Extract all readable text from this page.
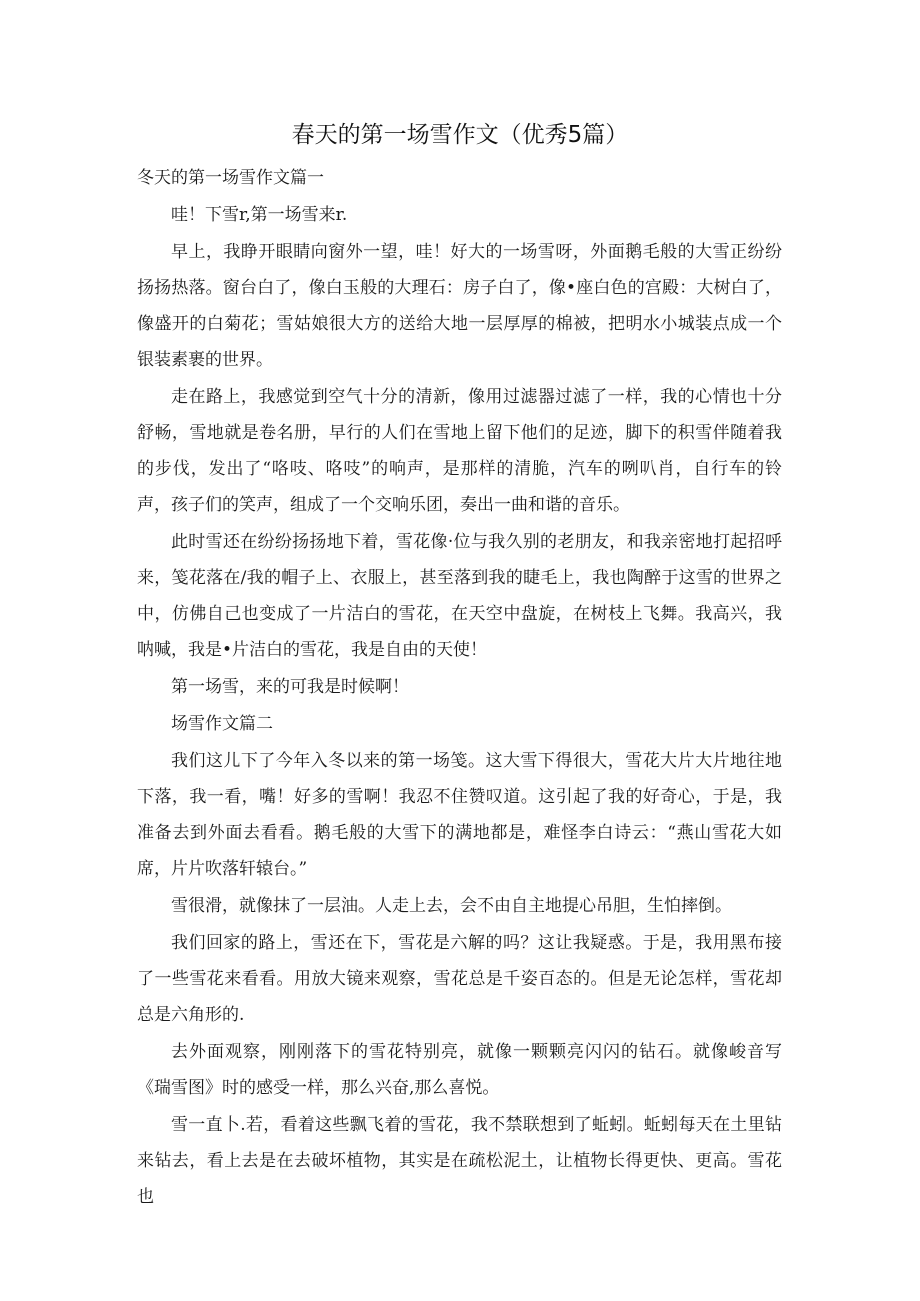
春天的第一场雪作文（优秀5篇）

冬天的第一场雪作文篇一

哇！下雪r,第一场雪来r.

早上，我睁开眼睛向窗外一望，哇！好大的一场雪呀，外面鹅毛般的大雪正纷纷扬扬热落。窗台白了，像白玉般的大理石：房子白了，像•座白色的宫殿：大树白了，像盛开的白菊花；雪姑娘很大方的送给大地一层厚厚的棉被，把明水小城装点成一个银装素裹的世界。

走在路上，我感觉到空气十分的清新，像用过滤器过滤了一样，我的心情也十分舒畅，雪地就是卷名册，早行的人们在雪地上留下他们的足迹，脚下的积雪伴随着我的步伐，发出了“咯吱、咯吱”的响声，是那样的清脆，汽车的咧叭肖，自行车的铃声，孩子们的笑声，组成了一个交响乐团，奏出一曲和谐的音乐。

此时雪还在纷纷扬扬地下着，雪花像·位与我久别的老朋友，和我亲密地打起招呼来，笺花落在/我的帽子上、衣服上，甚至落到我的睫毛上，我也陶醉于这雪的世界之中，仿佛自己也变成了一片洁白的雪花，在天空中盘旋，在树枝上飞舞。我高兴，我呐喊，我是•片洁白的雪花，我是自由的天使！

第一场雪，来的可我是时候啊！

场雪作文篇二

我们这儿下了今年入冬以来的第一场笺。这大雪下得很大，雪花大片大片地往地下落，我一看，嘴！好多的雪啊！我忍不住赞叹道。这引起了我的好奇心，于是，我准备去到外面去看看。鹅毛般的大雪下的满地都是，难怪李白诗云：“燕山雪花大如席，片片吹落轩辕台。”

雪很滑，就像抹了一层油。人走上去，会不由自主地提心吊胆，生怕摔倒。

我们回家的路上，雪还在下，雪花是六解的吗？这让我疑惑。于是，我用黑布接了一些雪花来看看。用放大镜来观察，雪花总是千姿百态的。但是无论怎样，雪花却总是六角形的.

去外面观察，刚刚落下的雪花特别亮，就像一颗颗亮闪闪的钻石。就像峻音写《瑞雪图》时的感受一样，那么兴奋,那么喜悦。

雪一直卜.若，看着这些飘飞着的雪花，我不禁联想到了蚯蚓。蚯蚓每天在土里钻来钻去，看上去是在去破坏植物，其实是在疏松泥土，让植物长得更快、更高。雪花也
